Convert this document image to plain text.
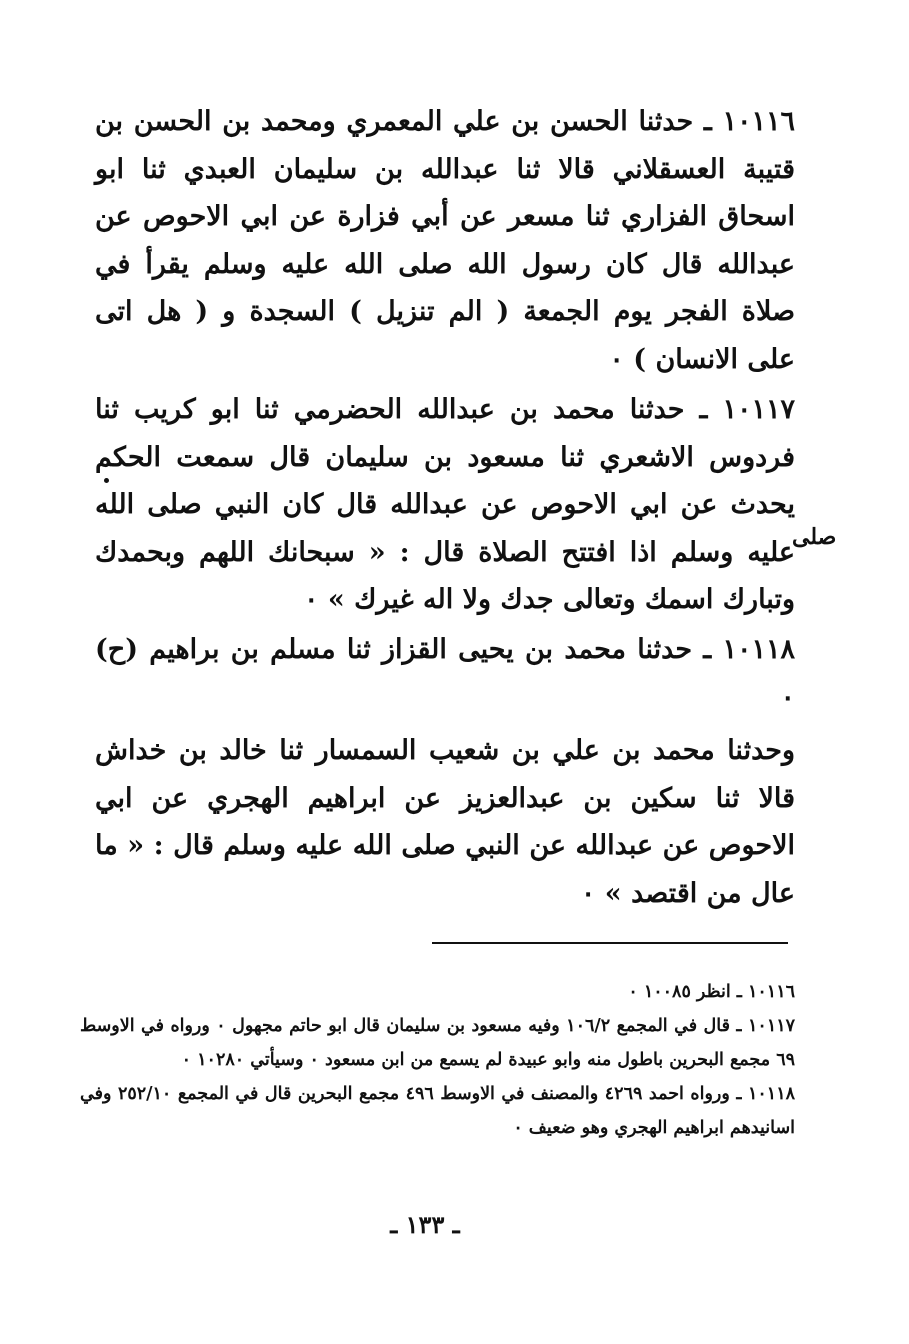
١٠١١٦ ـ حدثنا الحسن بن علي المعمري ومحمد بن الحسن بن قتيبة العسقلاني قالا ثنا عبدالله بن سليمان العبدي ثنا ابو اسحاق الفزاري ثنا مسعر عن أبي فزارة عن ابي الاحوص عن عبدالله قال كان رسول الله صلى الله عليه وسلم يقرأ في صلاة الفجر يوم الجمعة ( الم تنزيل ) السجدة و ( هل اتى على الانسان ) ٠

١٠١١٧ ـ حدثنا محمد بن عبدالله الحضرمي ثنا ابو كريب ثنا فردوس الاشعري ثنا مسعود بن سليمان قال سمعت الحكم يحدث عن ابي الاحوص عن عبدالله قال كان النبي صلى الله عليه وسلم اذا افتتح الصلاة قال : « سبحانك اللهم وبحمدك وتبارك اسمك وتعالى جدك ولا اله غيرك » ٠

صلى

١٠١١٨ ـ حدثنا محمد بن يحيى القزاز ثنا مسلم بن براهيم (ح) ٠

وحدثنا محمد بن علي بن شعيب السمسار ثنا خالد بن خداش قالا ثنا سكين بن عبدالعزيز عن ابراهيم الهجري عن ابي الاحوص عن عبدالله عن النبي صلى الله عليه وسلم قال : « ما عال من اقتصد » ٠

١٠١١٦ ـ انظر ١٠٠٨٥ ٠

١٠١١٧ ـ قال في المجمع ١٠٦/٢ وفيه مسعود بن سليمان قال ابو حاتم مجهول ٠ ورواه في الاوسط ٦٩ مجمع البحرين باطول منه وابو عبيدة لم يسمع من ابن مسعود ٠ وسيأتي ١٠٢٨٠ ٠

١٠١١٨ ـ ورواه احمد ٤٢٦٩ والمصنف في الاوسط ٤٩٦ مجمع البحرين قال في المجمع ٢٥٢/١٠ وفي اسانيدهم ابراهيم الهجري وهو ضعيف ٠

ـ ١٣٣ ـ
